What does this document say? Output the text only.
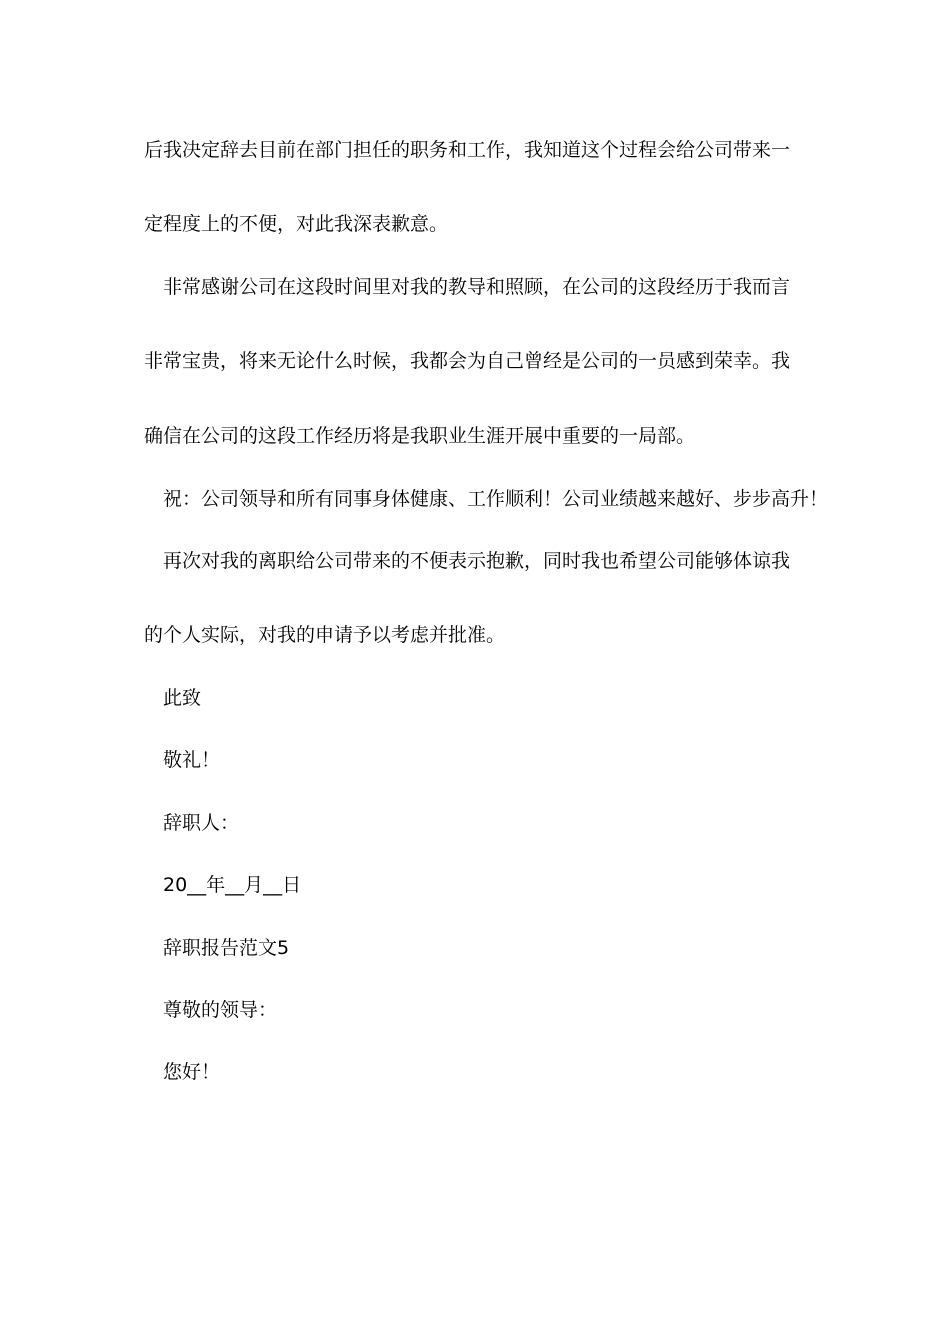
后我决定辞去目前在部门担任的职务和工作，我知道这个过程会给公司带来一
定程度上的不便，对此我深表歉意。
非常感谢公司在这段时间里对我的教导和照顾，在公司的这段经历于我而言
非常宝贵，将来无论什么时候，我都会为自己曾经是公司的一员感到荣幸。我
确信在公司的这段工作经历将是我职业生涯开展中重要的一局部。
祝：公司领导和所有同事身体健康、工作顺利！公司业绩越来越好、步步高升！
再次对我的离职给公司带来的不便表示抱歉，同时我也希望公司能够体谅我
的个人实际，对我的申请予以考虑并批准。
此致
敬礼！
辞职人：
20__年__月__日
辞职报告范文5
尊敬的领导：
您好！
